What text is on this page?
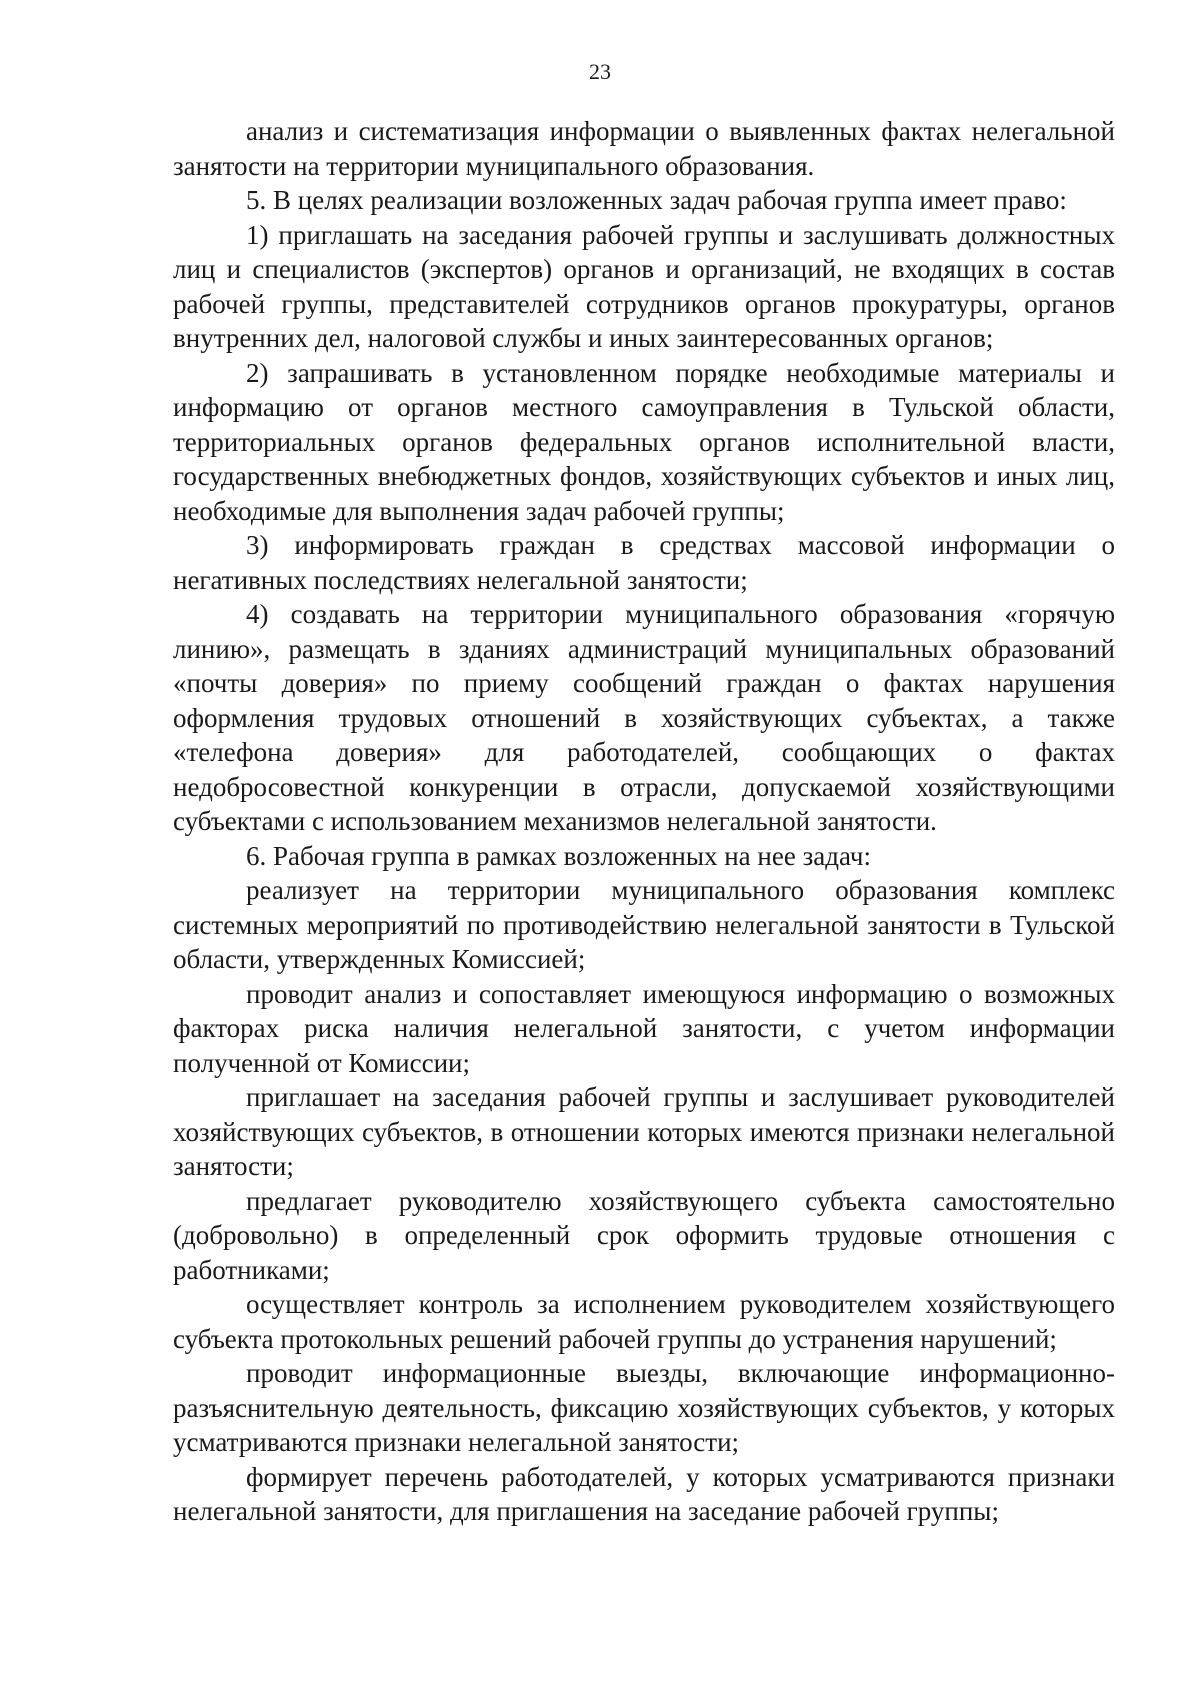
23

анализ и систематизация информации о выявленных фактах нелегальной занятости на территории муниципального образования.

5. В целях реализации возложенных задач рабочая группа имеет право:

1) приглашать на заседания рабочей группы и заслушивать должностных лиц и специалистов (экспертов) органов и организаций, не входящих в состав рабочей группы, представителей сотрудников органов прокуратуры, органов внутренних дел, налоговой службы и иных заинтересованных органов;

2) запрашивать в установленном порядке необходимые материалы и информацию от органов местного самоуправления в Тульской области, территориальных органов федеральных органов исполнительной власти, государственных внебюджетных фондов, хозяйствующих субъектов и иных лиц, необходимые для выполнения задач рабочей группы;

3) информировать граждан в средствах массовой информации о негативных последствиях нелегальной занятости;

4) создавать на территории муниципального образования «горячую линию», размещать в зданиях администраций муниципальных образований «почты доверия» по приему сообщений граждан о фактах нарушения оформления трудовых отношений в хозяйствующих субъектах, а также «телефона доверия» для работодателей, сообщающих о фактах недобросовестной конкуренции в отрасли, допускаемой хозяйствующими субъектами с использованием механизмов нелегальной занятости.

6. Рабочая группа в рамках возложенных на нее задач:

реализует на территории муниципального образования комплекс системных мероприятий по противодействию нелегальной занятости в Тульской области, утвержденных Комиссией;

проводит анализ и сопоставляет имеющуюся информацию о возможных факторах риска наличия нелегальной занятости, с учетом информации полученной от Комиссии;

приглашает на заседания рабочей группы и заслушивает руководителей хозяйствующих субъектов, в отношении которых имеются признаки нелегальной занятости;

предлагает руководителю хозяйствующего субъекта самостоятельно (добровольно) в определенный срок оформить трудовые отношения с работниками;

осуществляет контроль за исполнением руководителем хозяйствующего субъекта протокольных решений рабочей группы до устранения нарушений;

проводит информационные выезды, включающие информационно-разъяснительную деятельность, фиксацию хозяйствующих субъектов, у которых усматриваются признаки нелегальной занятости;

формирует перечень работодателей, у которых усматриваются признаки нелегальной занятости, для приглашения на заседание рабочей группы;
